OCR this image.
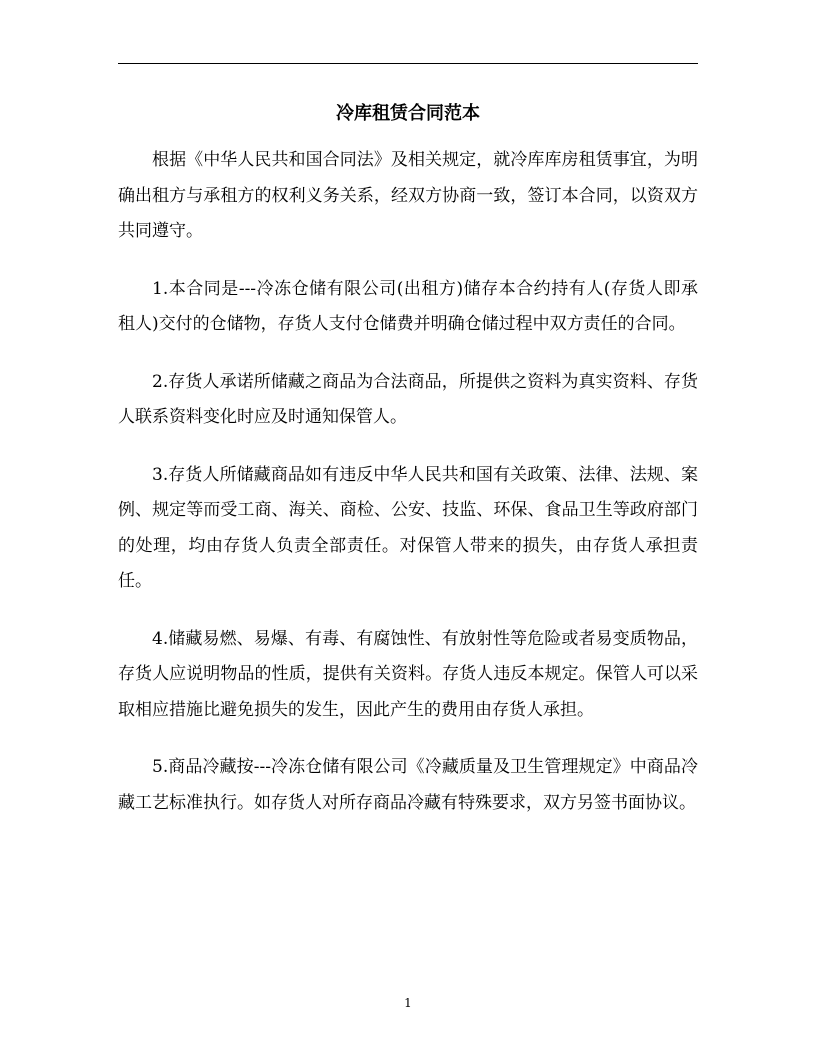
冷库租赁合同范本

根据《中华人民共和国合同法》及相关规定，就冷库库房租赁事宜，为明确出租方与承租方的权利义务关系，经双方协商一致，签订本合同，以资双方共同遵守。

1.本合同是---冷冻仓储有限公司(出租方)储存本合约持有人(存货人即承租人)交付的仓储物，存货人支付仓储费并明确仓储过程中双方责任的合同。

2.存货人承诺所储藏之商品为合法商品，所提供之资料为真实资料、存货人联系资料变化时应及时通知保管人。

3.存货人所储藏商品如有违反中华人民共和国有关政策、法律、法规、案例、规定等而受工商、海关、商检、公安、技监、环保、食品卫生等政府部门的处理，均由存货人负责全部责任。对保管人带来的损失，由存货人承担责任。

4.储藏易燃、易爆、有毒、有腐蚀性、有放射性等危险或者易变质物品，存货人应说明物品的性质，提供有关资料。存货人违反本规定。保管人可以采取相应措施比避免损失的发生，因此产生的费用由存货人承担。

5.商品冷藏按---冷冻仓储有限公司《冷藏质量及卫生管理规定》中商品冷藏工艺标准执行。如存货人对所存商品冷藏有特殊要求，双方另签书面协议。

1
